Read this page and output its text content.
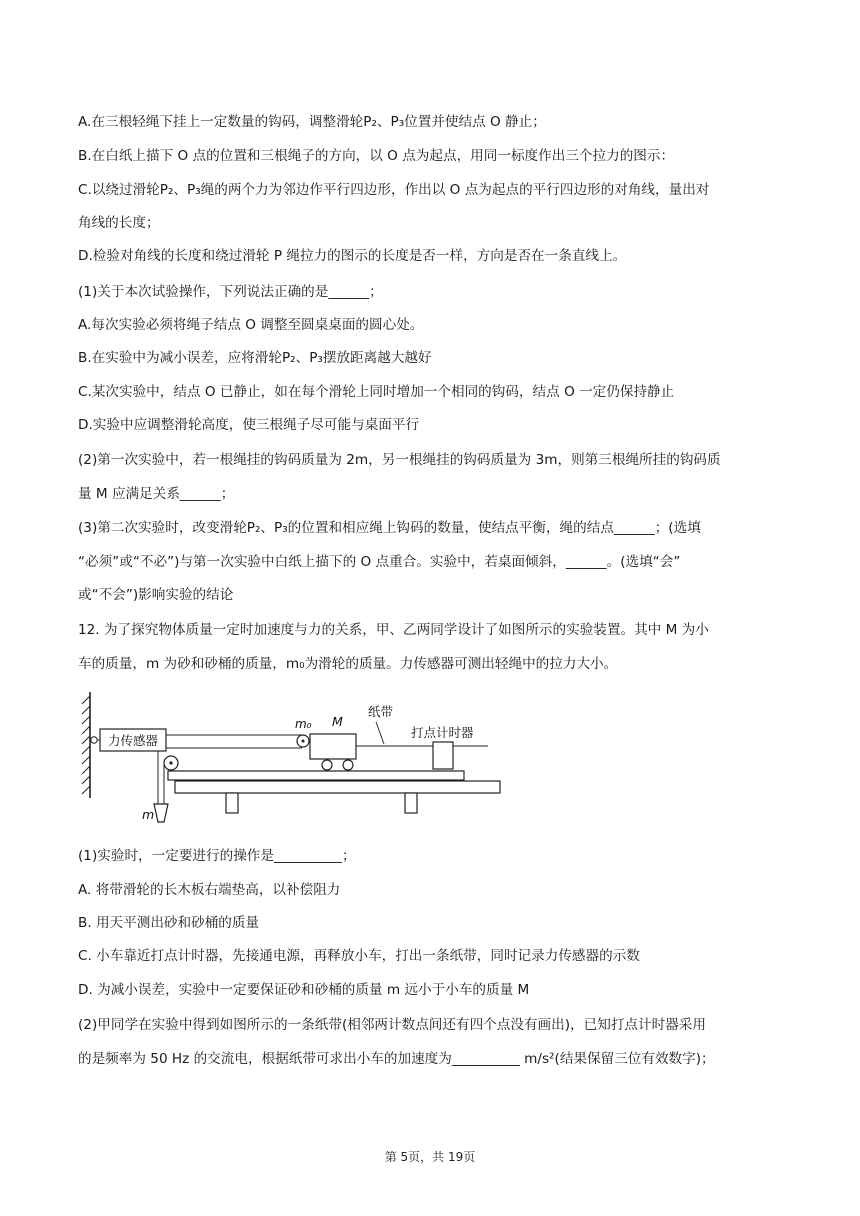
A.在三根轻绳下挂上一定数量的钩码，调整滑轮P₂、P₃位置并使结点 O 静止；
B.在白纸上描下 O 点的位置和三根绳子的方向，以 O 点为起点，用同一标度作出三个拉力的图示：
C.以绕过滑轮P₂、P₃绳的两个力为邻边作平行四边形，作出以 O 点为起点的平行四边形的对角线，量出对
角线的长度；
D.检验对角线的长度和绕过滑轮 P 绳拉力的图示的长度是否一样，方向是否在一条直线上。
(1)关于本次试验操作，下列说法正确的是______；
A.每次实验必须将绳子结点 O 调整至圆桌桌面的圆心处。
B.在实验中为减小误差，应将滑轮P₂、P₃摆放距离越大越好
C.某次实验中，结点 O 已静止，如在每个滑轮上同时增加一个相同的钩码，结点 O 一定仍保持静止
D.实验中应调整滑轮高度，使三根绳子尽可能与桌面平行
(2)第一次实验中，若一根绳挂的钩码质量为 2m，另一根绳挂的钩码质量为 3m，则第三根绳所挂的钩码质
量 M 应满足关系______；
(3)第二次实验时，改变滑轮P₂、P₃的位置和相应绳上钩码的数量，使结点平衡，绳的结点______；(选填
“必须”或“不必”)与第一次实验中白纸上描下的 O 点重合。实验中，若桌面倾斜，______。(选填“会”
或“不会”)影响实验的结论
12. 为了探究物体质量一定时加速度与力的关系，甲、乙两同学设计了如图所示的实验装置。其中 M 为小
车的质量，m 为砂和砂桶的质量，m₀为滑轮的质量。力传感器可测出轻绳中的拉力大小。
力传感器
m₀ M
纸带
打点计时器
m
(1)实验时，一定要进行的操作是__________；
A. 将带滑轮的长木板右端垫高，以补偿阻力
B. 用天平测出砂和砂桶的质量
C. 小车靠近打点计时器，先接通电源，再释放小车，打出一条纸带，同时记录力传感器的示数
D. 为减小误差，实验中一定要保证砂和砂桶的质量 m 远小于小车的质量 M
(2)甲同学在实验中得到如图所示的一条纸带(相邻两计数点间还有四个点没有画出)，已知打点计时器采用
的是频率为 50 Hz 的交流电，根据纸带可求出小车的加速度为__________ m/s²(结果保留三位有效数字)；
第 5页，共 19页
